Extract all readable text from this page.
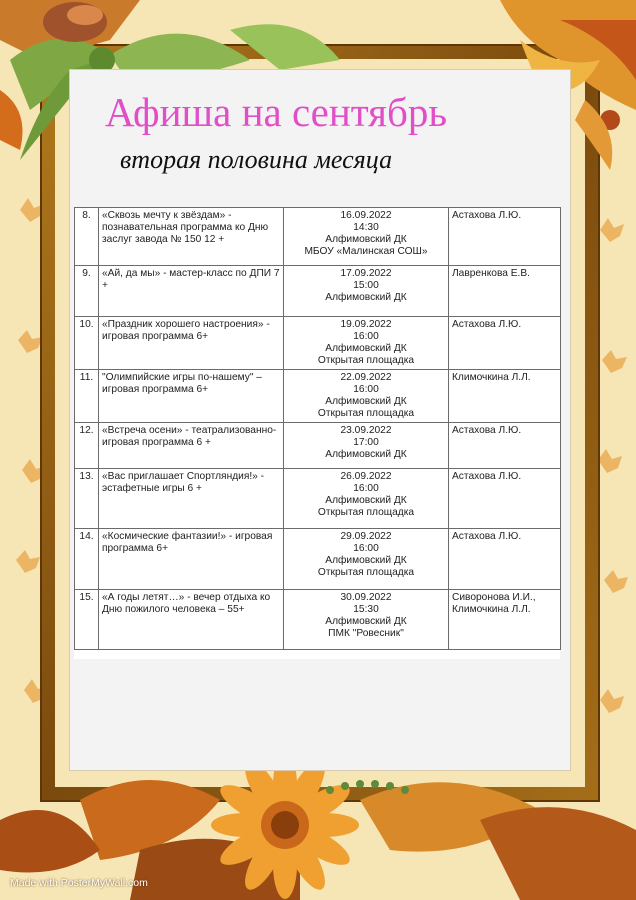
Афиша на сентябрь
вторая половина месяца
8.	«Сквозь мечту к звёздам» - познавательная программа ко Дню заслуг завода № 150 12 +	16.09.2022
14:30
Алфимовский ДК
МБОУ «Малинская СОШ»	Астахова Л.Ю.
9.	«Ай, да мы» - мастер-класс по ДПИ 7 +	17.09.2022
15:00
Алфимовский ДК	Лавренкова Е.В.
10.	«Праздник хорошего настроения» - игровая программа 6+	19.09.2022
16:00
Алфимовский ДК
Открытая площадка	Астахова Л.Ю.
11.	"Олимпийские игры по-нашему" – игровая программа 6+	22.09.2022
16:00
Алфимовский ДК
Открытая площадка	Климочкина Л.Л.
12.	«Встреча осени» - театрализованно-игровая программа 6 +	23.09.2022
17:00
Алфимовский ДК	Астахова Л.Ю.
13.	«Вас приглашает Спортляндия!» - эстафетные игры 6 +	26.09.2022
16:00
Алфимовский ДК
Открытая площадка	Астахова Л.Ю.
14.	«Космические фантазии!» - игровая программа 6+	29.09.2022
16:00
Алфимовский ДК
Открытая площадка	Астахова Л.Ю.
15.	«А годы летят…» - вечер отдыха ко Дню пожилого человека – 55+	30.09.2022
15:30
Алфимовский ДК
ПМК "Ровесник"	Сиворонова И.И., Климочкина Л.Л.
Made with PosterMyWall.com
